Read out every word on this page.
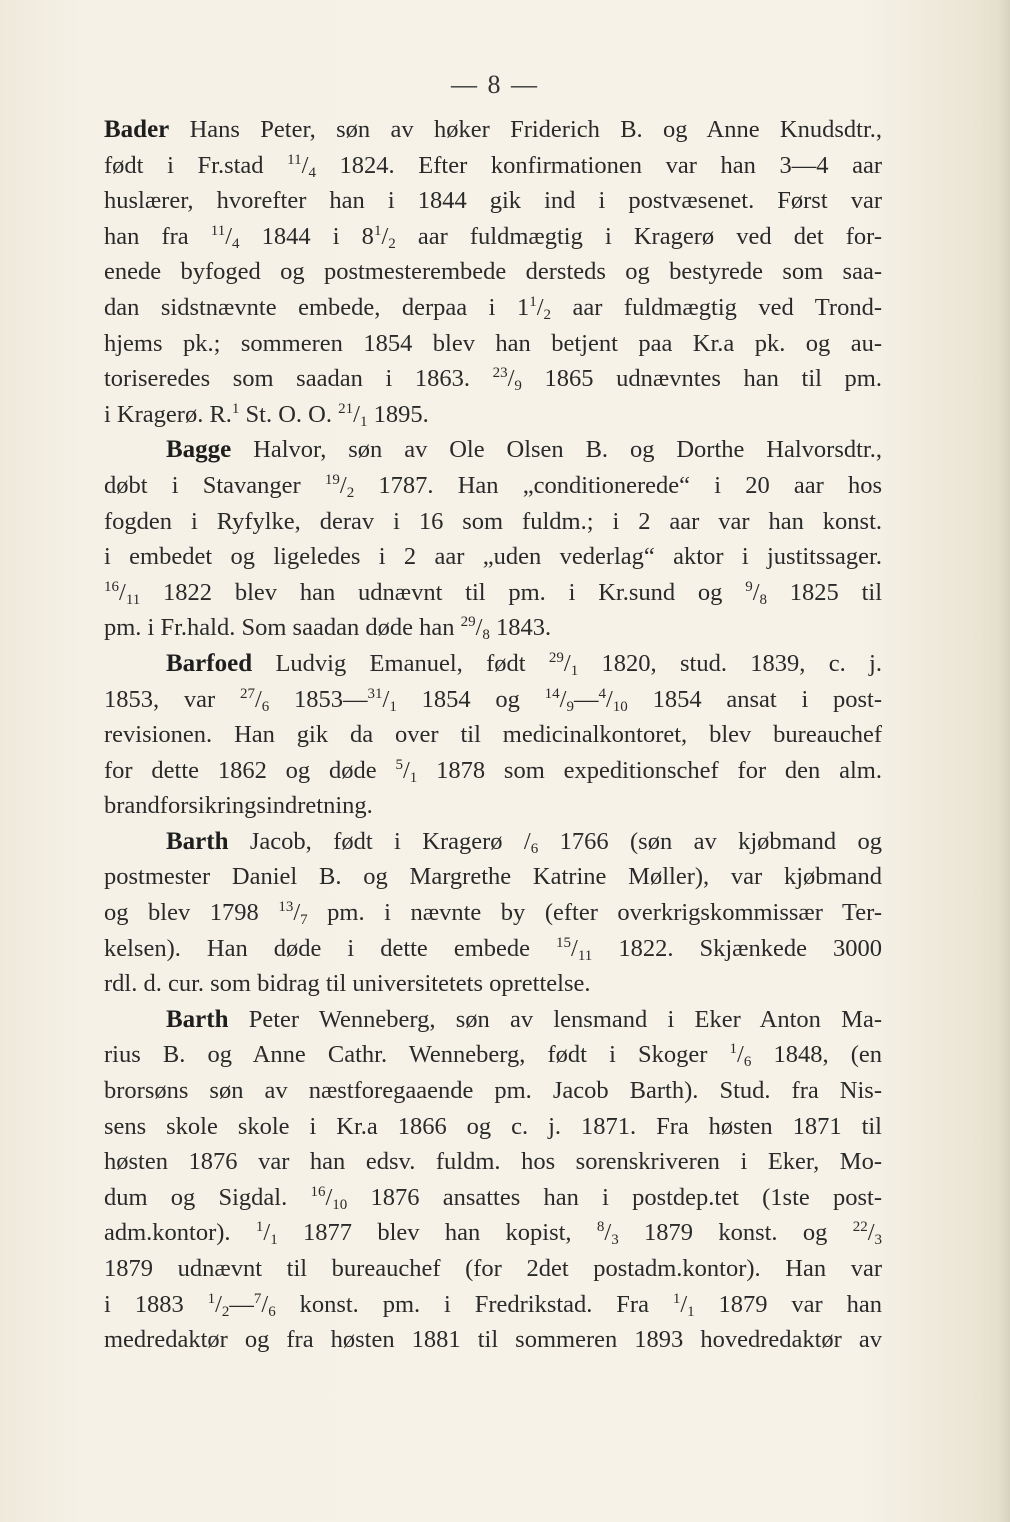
— 8 —
Bader Hans Peter, søn av høker Friderich B. og Anne Knudsdtr.,
født i Fr.stad $^{11}/_4$ 1824. Efter konfirmationen var han 3—4 aar
huslærer, hvorefter han i 1844 gik ind i postvæsenet. Først var
han fra $^{11}/_4$ 1844 i $8^1/_2$ aar fuldmægtig i Kragerø ved det for-
enede byfoged og postmesterembede dersteds og bestyrede som saa-
dan sidstnævnte embede, derpaa i $1^1/_2$ aar fuldmægtig ved Trond-
hjems pk.; sommeren 1854 blev han betjent paa Kr.a pk. og au-
toriseredes som saadan i 1863. $^{23}/_9$ 1865 udnævntes han til pm.
i Kragerø. R.$^1$ St. O. O. $^{21}/_1$ 1895.
Bagge Halvor, søn av Ole Olsen B. og Dorthe Halvorsdtr.,
døbt i Stavanger $^{19}/_2$ 1787. Han „conditionerede“ i 20 aar hos
fogden i Ryfylke, derav i 16 som fuldm.; i 2 aar var han konst.
i embedet og ligeledes i 2 aar „uden vederlag“ aktor i justitssager.
$^{16}/_{11}$ 1822 blev han udnævnt til pm. i Kr.sund og $^9/_8$ 1825 til
pm. i Fr.hald. Som saadan døde han $^{29}/_8$ 1843.
Barfoed Ludvig Emanuel, født $^{29}/_1$ 1820, stud. 1839, c. j.
1853, var $^{27}/_6$ $1853—^{31}/_1$ 1854 og $^{14}/_9—^4/_{10}$ 1854 ansat i post-
revisionen. Han gik da over til medicinalkontoret, blev bureauchef
for dette 1862 og døde $^5/_1$ 1878 som expeditionschef for den alm.
brandforsikringsindretning.
Barth Jacob, født i Kragerø $/_6$ 1766 (søn av kjøbmand og
postmester Daniel B. og Margrethe Katrine Møller), var kjøbmand
og blev 1798 $^{13}/_7$ pm. i nævnte by (efter overkrigskommissær Ter-
kelsen). Han døde i dette embede $^{15}/_{11}$ 1822. Skjænkede 3000
rdl. d. cur. som bidrag til universitetets oprettelse.
Barth Peter Wenneberg, søn av lensmand i Eker Anton Ma-
rius B. og Anne Cathr. Wenneberg, født i Skoger $^1/_6$ 1848, (en
brorsøns søn av næstforegaaende pm. Jacob Barth). Stud. fra Nis-
sens skole skole i Kr.a 1866 og c. j. 1871. Fra høsten 1871 til
høsten 1876 var han edsv. fuldm. hos sorenskriveren i Eker, Mo-
dum og Sigdal. $^{16}/_{10}$ 1876 ansattes han i postdep.tet (1ste post-
adm.kontor). $^1/_1$ 1877 blev han kopist, $^8/_3$ 1879 konst. og $^{22}/_3$
1879 udnævnt til bureauchef (for 2det postadm.kontor). Han var
i 1883 $^1/_2—^7/_6$ konst. pm. i Fredrikstad. Fra $^1/_1$ 1879 var han
medredaktør og fra høsten 1881 til sommeren 1893 hovedredaktør av
